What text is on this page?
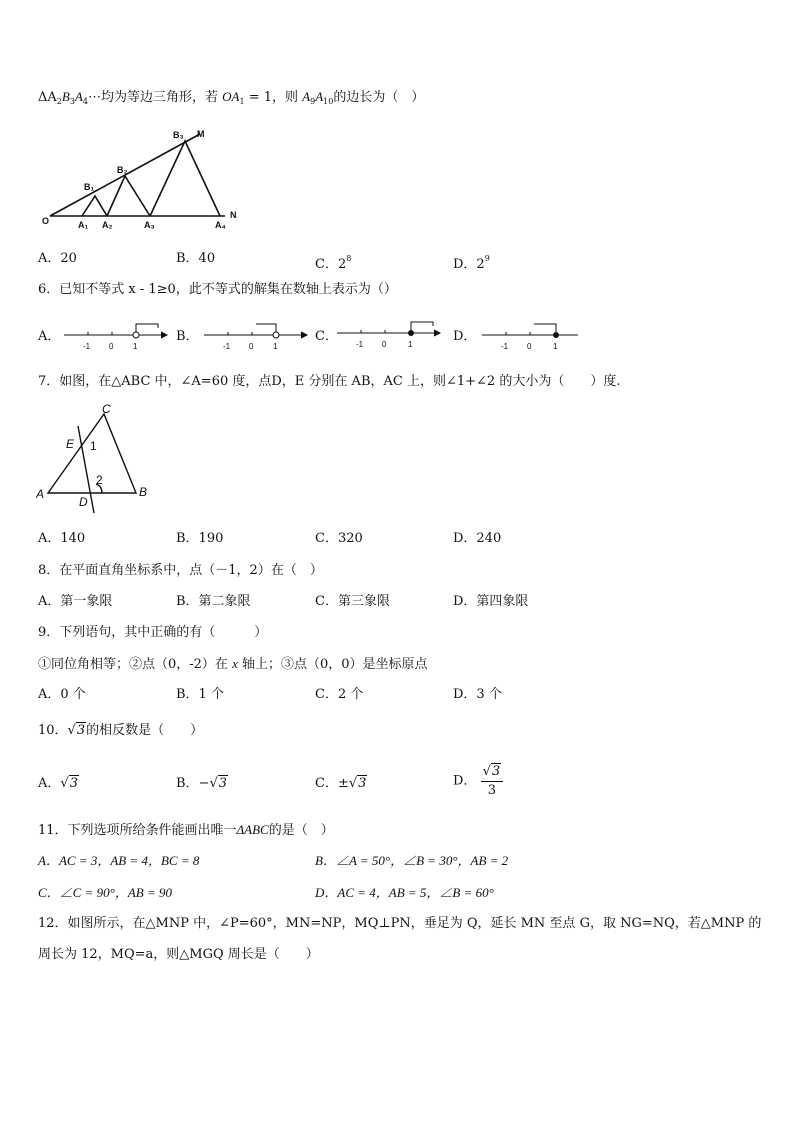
$\Delta A_2B_3A_4\cdots$均为等边三角形，若 $OA_1 = 1$，则 $A_9A_{10}$的边长为（　）
O
N
M
A₁ A₂	A₃	A₄
B₁
B₂
B₃
A．20	B．40	C．$2^8$	D．$2^9$
6．已知不等式 x - 1≥0，此不等式的解集在数轴上表示为（）
A．
-1 0 1
B．
-1 0 1
C．
-1 0	1
D．
-1 0	1
7．如图，在△ABC 中，∠A=60 度，点D，E 分别在 AB，AC 上，则∠1+∠2 的大小为（　　）度.
A	B
C
D
E 1
2
A．140	B．190	C．320	D．240
8．在平面直角坐标系中，点（－1，2）在（　）
A．第一象限	B．第二象限	C．第三象限	D．第四象限
9．下列语句，其中正确的有（　　　）
①同位角相等；②点（0，-2）在 x 轴上；③点（0，0）是坐标原点
A．0 个	B．1 个	C．2 个	D．3 个
10．√3的相反数是（　　）
A．√3	B．−√3	C．±√3	D． $\frac{√3}{3}$
11．下列选项所给条件能画出唯一ΔABC的是（　）
A．AC = 3，AB = 4，BC = 8	B．∠A = 50°，∠B = 30°，AB = 2
C．∠C = 90°，AB = 90	D．AC = 4，AB = 5，∠B = 60°
12．如图所示，在△MNP 中，∠P=60°，MN=NP，MQ⊥PN，垂足为 Q，延长 MN 至点 G，取 NG=NQ，若△MNP 的
周长为 12，MQ=a，则△MGQ 周长是（　　）
